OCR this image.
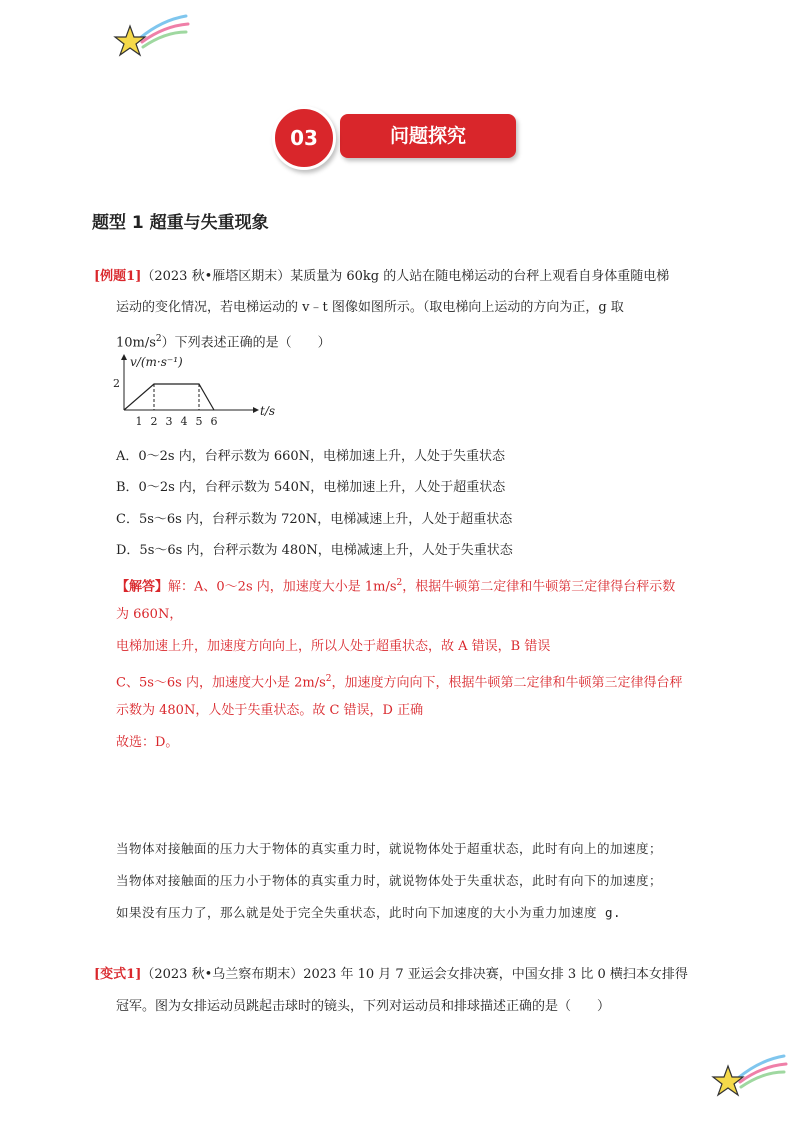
问题探究
03
题型 1 超重与失重现象
[例题1]（2023 秋•雁塔区期末）某质量为 60kg 的人站在随电梯运动的台秤上观看自身体重随电梯
运动的变化情况，若电梯运动的 v﹣t 图像如图所示。（取电梯向上运动的方向为正，g 取
$10m/s^2$）下列表述正确的是（　　）
v/(m·s⁻¹)
t/s
2
1 2 3 4 5 6
A．0～2s 内，台秤示数为 660N，电梯加速上升，人处于失重状态
B．0～2s 内，台秤示数为 540N，电梯加速上升，人处于超重状态
C．5s～6s 内，台秤示数为 720N，电梯减速上升，人处于超重状态
D．5s～6s 内，台秤示数为 480N，电梯减速上升，人处于失重状态
【解答】解：A、0～2s 内，加速度大小是 $1m/s^2$，根据牛顿第二定律和牛顿第三定律得台秤示数
为 660N，
电梯加速上升，加速度方向向上，所以人处于超重状态，故 A 错误，B 错误
C、5s～6s 内，加速度大小是 $2m/s^2$，加速度方向向下，根据牛顿第二定律和牛顿第三定律得台秤
示数为 480N，人处于失重状态。故 C 错误，D 正确
故选：D。
当物体对接触面的压力大于物体的真实重力时，就说物体处于超重状态，此时有向上的加速度；
当物体对接触面的压力小于物体的真实重力时，就说物体处于失重状态，此时有向下的加速度；
如果没有压力了，那么就是处于完全失重状态，此时向下加速度的大小为重力加速度 g.
[变式1]（2023 秋•乌兰察布期末）2023 年 10 月 7 亚运会女排决赛，中国女排 3 比 0 横扫本女排得
冠军。图为女排运动员跳起击球时的镜头，下列对运动员和排球描述正确的是（　　）
